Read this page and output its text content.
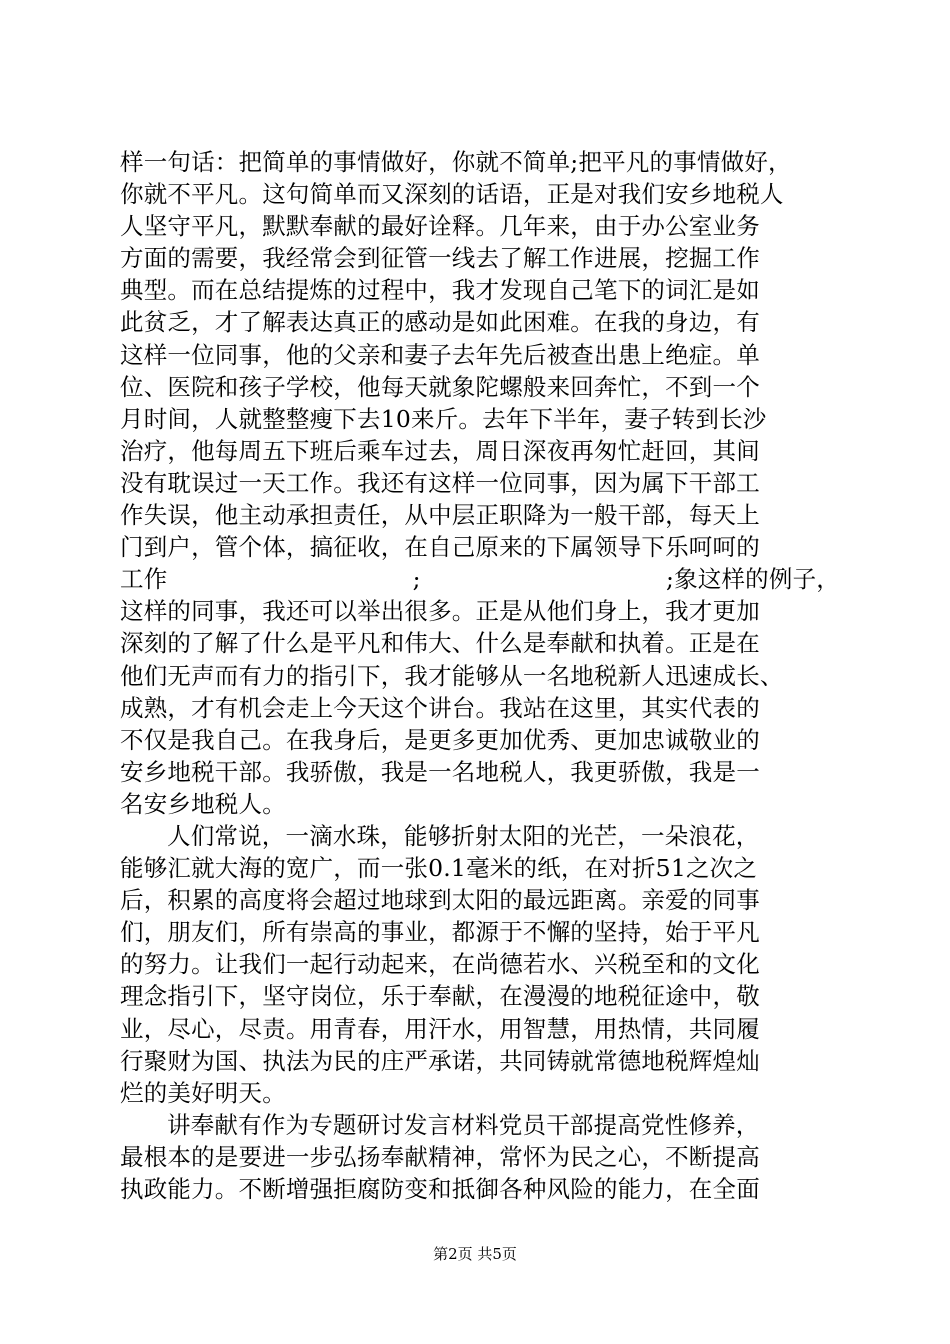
样一句话：把简单的事情做好，你就不简单;把平凡的事情做好，
你就不平凡。这句简单而又深刻的话语，正是对我们安乡地税人
人坚守平凡，默默奉献的最好诠释。几年来，由于办公室业务
方面的需要，我经常会到征管一线去了解工作进展，挖掘工作
典型。而在总结提炼的过程中，我才发现自己笔下的词汇是如
此贫乏，才了解表达真正的感动是如此困难。在我的身边，有
这样一位同事，他的父亲和妻子去年先后被查出患上绝症。单
位、医院和孩子学校，他每天就象陀螺般来回奔忙，不到一个
月时间，人就整整瘦下去10来斤。去年下半年，妻子转到长沙
治疗，他每周五下班后乘车过去，周日深夜再匆忙赶回，其间
没有耽误过一天工作。我还有这样一位同事，因为属下干部工
作失误，他主动承担责任，从中层正职降为一般干部，每天上
门到户，管个体，搞征收，在自己原来的下属领导下乐呵呵的
工作	;	;象这样的例子，
这样的同事，我还可以举出很多。正是从他们身上，我才更加
深刻的了解了什么是平凡和伟大、什么是奉献和执着。正是在
他们无声而有力的指引下，我才能够从一名地税新人迅速成长、
成熟，才有机会走上今天这个讲台。我站在这里，其实代表的
不仅是我自己。在我身后，是更多更加优秀、更加忠诚敬业的
安乡地税干部。我骄傲，我是一名地税人，我更骄傲，我是一
名安乡地税人。
人们常说，一滴水珠，能够折射太阳的光芒，一朵浪花，
能够汇就大海的宽广，而一张0.1毫米的纸，在对折51之次之
后，积累的高度将会超过地球到太阳的最远距离。亲爱的同事
们，朋友们，所有崇高的事业，都源于不懈的坚持，始于平凡
的努力。让我们一起行动起来，在尚德若水、兴税至和的文化
理念指引下，坚守岗位，乐于奉献，在漫漫的地税征途中，敬
业，尽心，尽责。用青春，用汗水，用智慧，用热情，共同履
行聚财为国、执法为民的庄严承诺，共同铸就常德地税辉煌灿
烂的美好明天。
讲奉献有作为专题研讨发言材料党员干部提高党性修养，
最根本的是要进一步弘扬奉献精神，常怀为民之心，不断提高
执政能力。不断增强拒腐防变和抵御各种风险的能力，在全面
第2页 共5页
